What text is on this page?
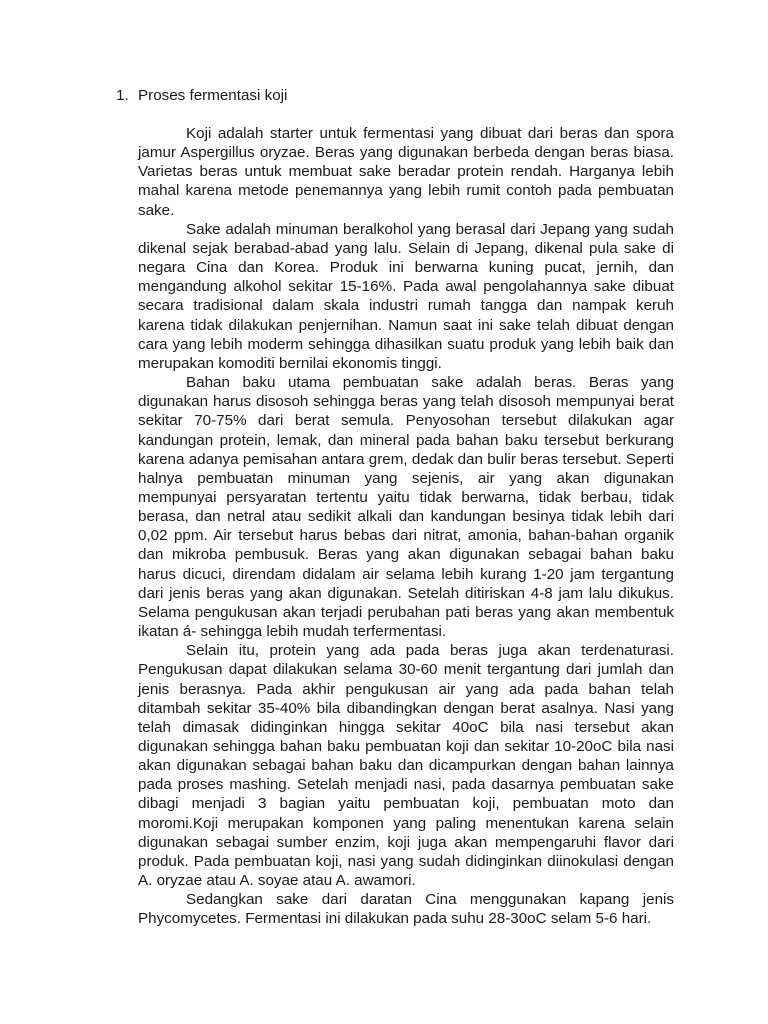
1. Proses fermentasi koji

Koji adalah starter untuk fermentasi yang dibuat dari beras dan spora jamur Aspergillus oryzae. Beras yang digunakan berbeda dengan beras biasa. Varietas beras untuk membuat sake beradar protein rendah. Harganya lebih mahal karena metode penemannya yang lebih rumit contoh pada pembuatan sake.

Sake adalah minuman beralkohol yang berasal dari Jepang yang sudah dikenal sejak berabad-abad yang lalu. Selain di Jepang, dikenal pula sake di negara Cina dan Korea. Produk ini berwarna kuning pucat, jernih, dan mengandung alkohol sekitar 15-16%. Pada awal pengolahannya sake dibuat secara tradisional dalam skala industri rumah tangga dan nampak keruh karena tidak dilakukan penjernihan. Namun saat ini sake telah dibuat dengan cara yang lebih moderm sehingga dihasilkan suatu produk yang lebih baik dan merupakan komoditi bernilai ekonomis tinggi.

Bahan baku utama pembuatan sake adalah beras. Beras yang digunakan harus disosoh sehingga beras yang telah disosoh mempunyai berat sekitar 70-75% dari berat semula. Penyosohan tersebut dilakukan agar kandungan protein, lemak, dan mineral pada bahan baku tersebut berkurang karena adanya pemisahan antara grem, dedak dan bulir beras tersebut. Seperti halnya pembuatan minuman yang sejenis, air yang akan digunakan mempunyai persyaratan tertentu yaitu tidak berwarna, tidak berbau, tidak berasa, dan netral atau sedikit alkali dan kandungan besinya tidak lebih dari 0,02 ppm. Air tersebut harus bebas dari nitrat, amonia, bahan-bahan organik dan mikroba pembusuk. Beras yang akan digunakan sebagai bahan baku harus dicuci, direndam didalam air selama lebih kurang 1-20 jam tergantung dari jenis beras yang akan digunakan. Setelah ditiriskan 4-8 jam lalu dikukus. Selama pengukusan akan terjadi perubahan pati beras yang akan membentuk ikatan á- sehingga lebih mudah terfermentasi.

Selain itu, protein yang ada pada beras juga akan terdenaturasi. Pengukusan dapat dilakukan selama 30-60 menit tergantung dari jumlah dan jenis berasnya. Pada akhir pengukusan air yang ada pada bahan telah ditambah sekitar 35-40% bila dibandingkan dengan berat asalnya. Nasi yang telah dimasak didinginkan hingga sekitar 40oC bila nasi tersebut akan digunakan sehingga bahan baku pembuatan koji dan sekitar 10-20oC bila nasi akan digunakan sebagai bahan baku dan dicampurkan dengan bahan lainnya pada proses mashing. Setelah menjadi nasi, pada dasarnya pembuatan sake dibagi menjadi 3 bagian yaitu pembuatan koji, pembuatan moto dan moromi.Koji merupakan komponen yang paling menentukan karena selain digunakan sebagai sumber enzim, koji juga akan mempengaruhi flavor dari produk. Pada pembuatan koji, nasi yang sudah didinginkan diinokulasi dengan A. oryzae atau A. soyae atau A. awamori.

Sedangkan sake dari daratan Cina menggunakan kapang jenis Phycomycetes. Fermentasi ini dilakukan pada suhu 28-30oC selam 5-6 hari.
